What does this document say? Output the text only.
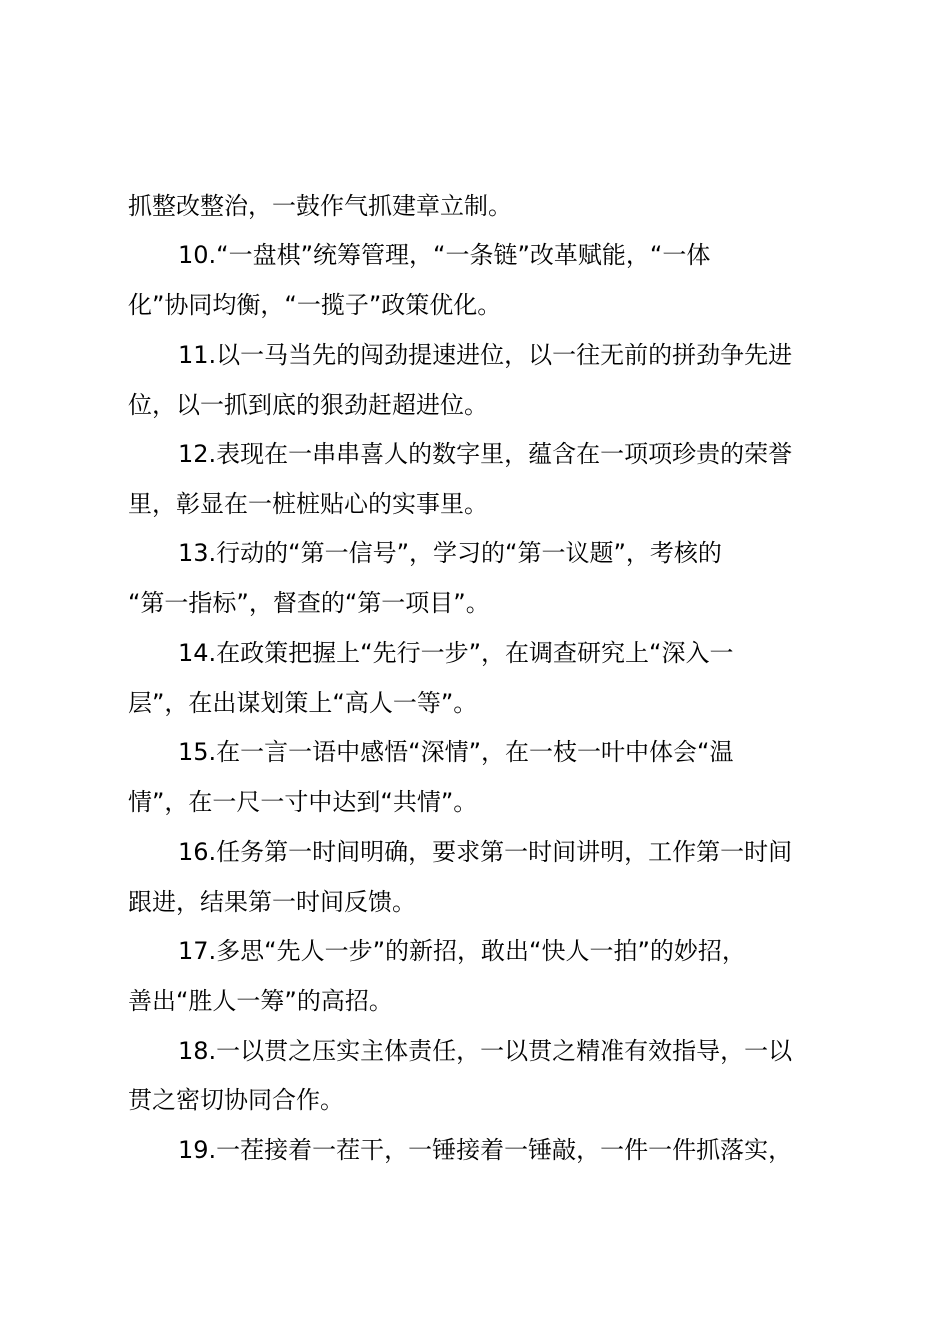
抓整改整治，一鼓作气抓建章立制。
10.“一盘棋”统筹管理，“一条链”改革赋能，“一体
化”协同均衡，“一揽子”政策优化。
11.以一马当先的闯劲提速进位，以一往无前的拼劲争先进
位，以一抓到底的狠劲赶超进位。
12.表现在一串串喜人的数字里，蕴含在一项项珍贵的荣誉
里，彰显在一桩桩贴心的实事里。
13.行动的“第一信号”，学习的“第一议题”，考核的
“第一指标”，督查的“第一项目”。
14.在政策把握上“先行一步”，在调查研究上“深入一
层”，在出谋划策上“高人一等”。
15.在一言一语中感悟“深情”，在一枝一叶中体会“温
情”，在一尺一寸中达到“共情”。
16.任务第一时间明确，要求第一时间讲明，工作第一时间
跟进，结果第一时间反馈。
17.多思“先人一步”的新招，敢出“快人一拍”的妙招，
善出“胜人一筹”的高招。
18.一以贯之压实主体责任，一以贯之精准有效指导，一以
贯之密切协同合作。
19.一茬接着一茬干，一锤接着一锤敲，一件一件抓落实，
